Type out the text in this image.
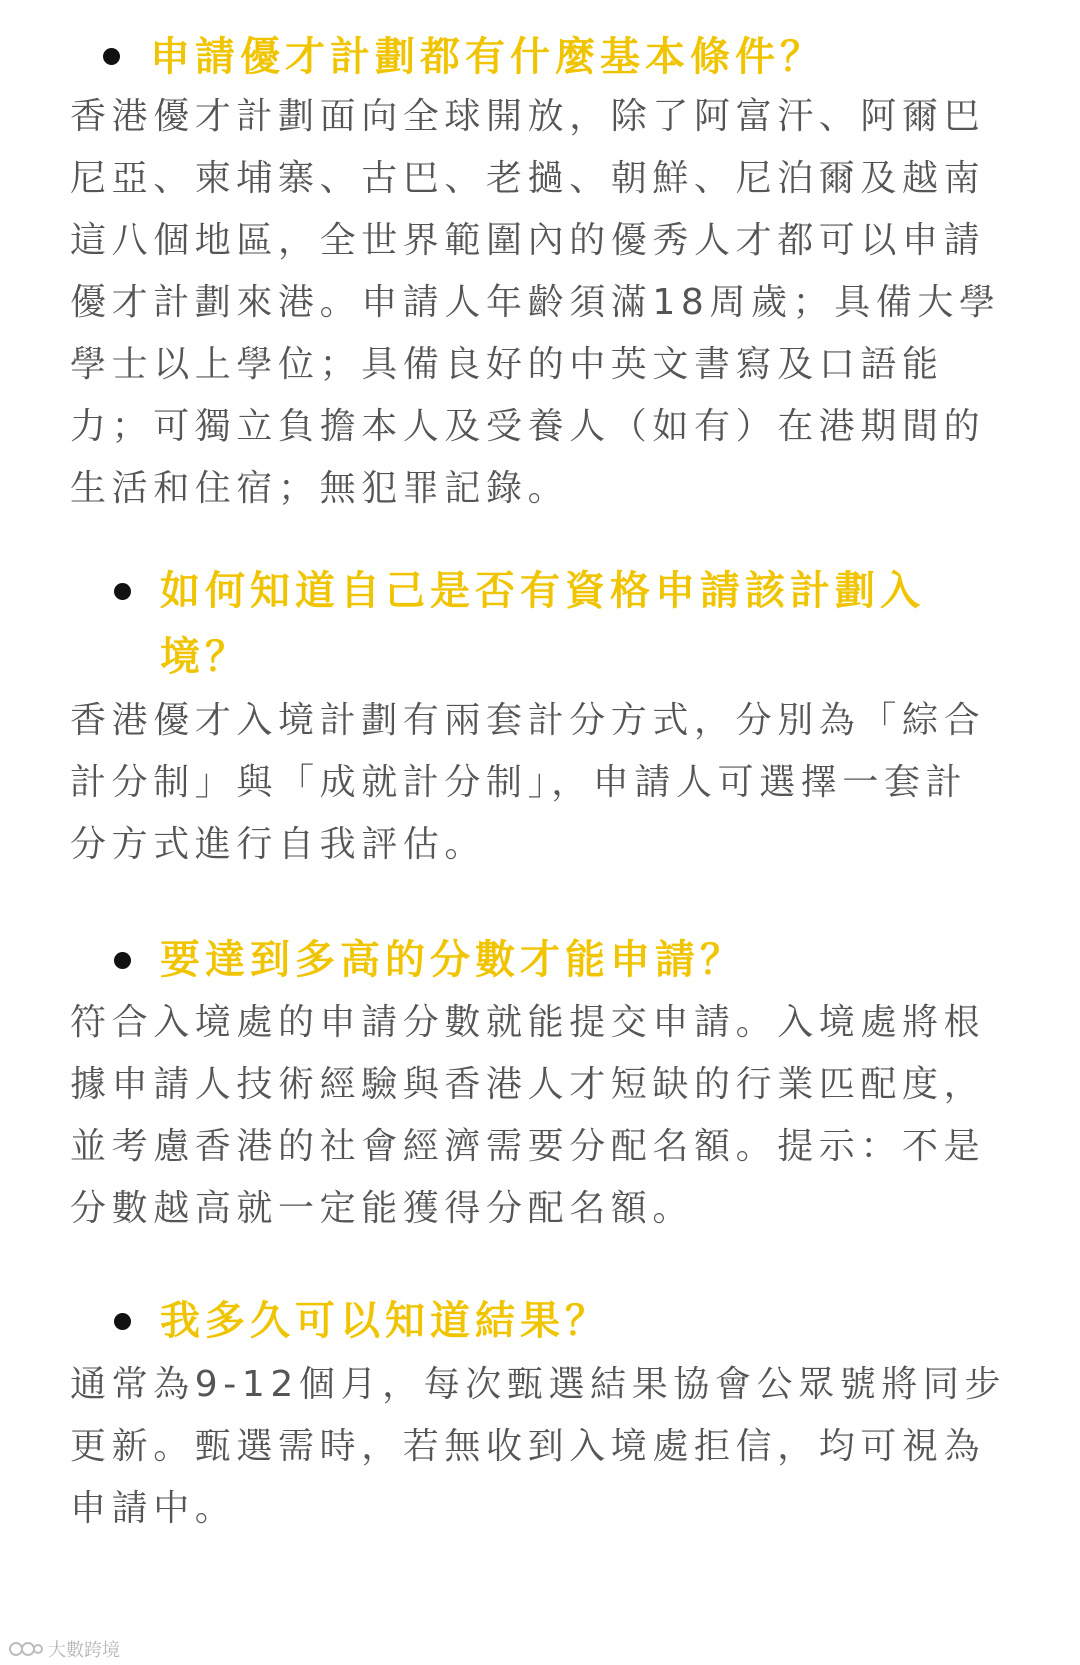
申請優才計劃都有什麼基本條件？
香港優才計劃面向全球開放，除了阿富汗、阿爾巴
尼亞、柬埔寨、古巴、老撾、朝鮮、尼泊爾及越南
這八個地區，全世界範圍內的優秀人才都可以申請
優才計劃來港。申請人年齡須滿18周歲；具備大學
學士以上學位；具備良好的中英文書寫及口語能
力；可獨立負擔本人及受養人（如有）在港期間的
生活和住宿；無犯罪記錄。
如何知道自己是否有資格申請該計劃入
境？
香港優才入境計劃有兩套計分方式，分別為「綜合
計分制」與「成就計分制」，申請人可選擇一套計
分方式進行自我評估。
要達到多高的分數才能申請？
符合入境處的申請分數就能提交申請。入境處將根
據申請人技術經驗與香港人才短缺的行業匹配度，
並考慮香港的社會經濟需要分配名額。提示：不是
分數越高就一定能獲得分配名額。
我多久可以知道結果？
通常為9-12個月，每次甄選結果協會公眾號將同步
更新。甄選需時，若無收到入境處拒信，均可視為
申請中。
大數跨境
